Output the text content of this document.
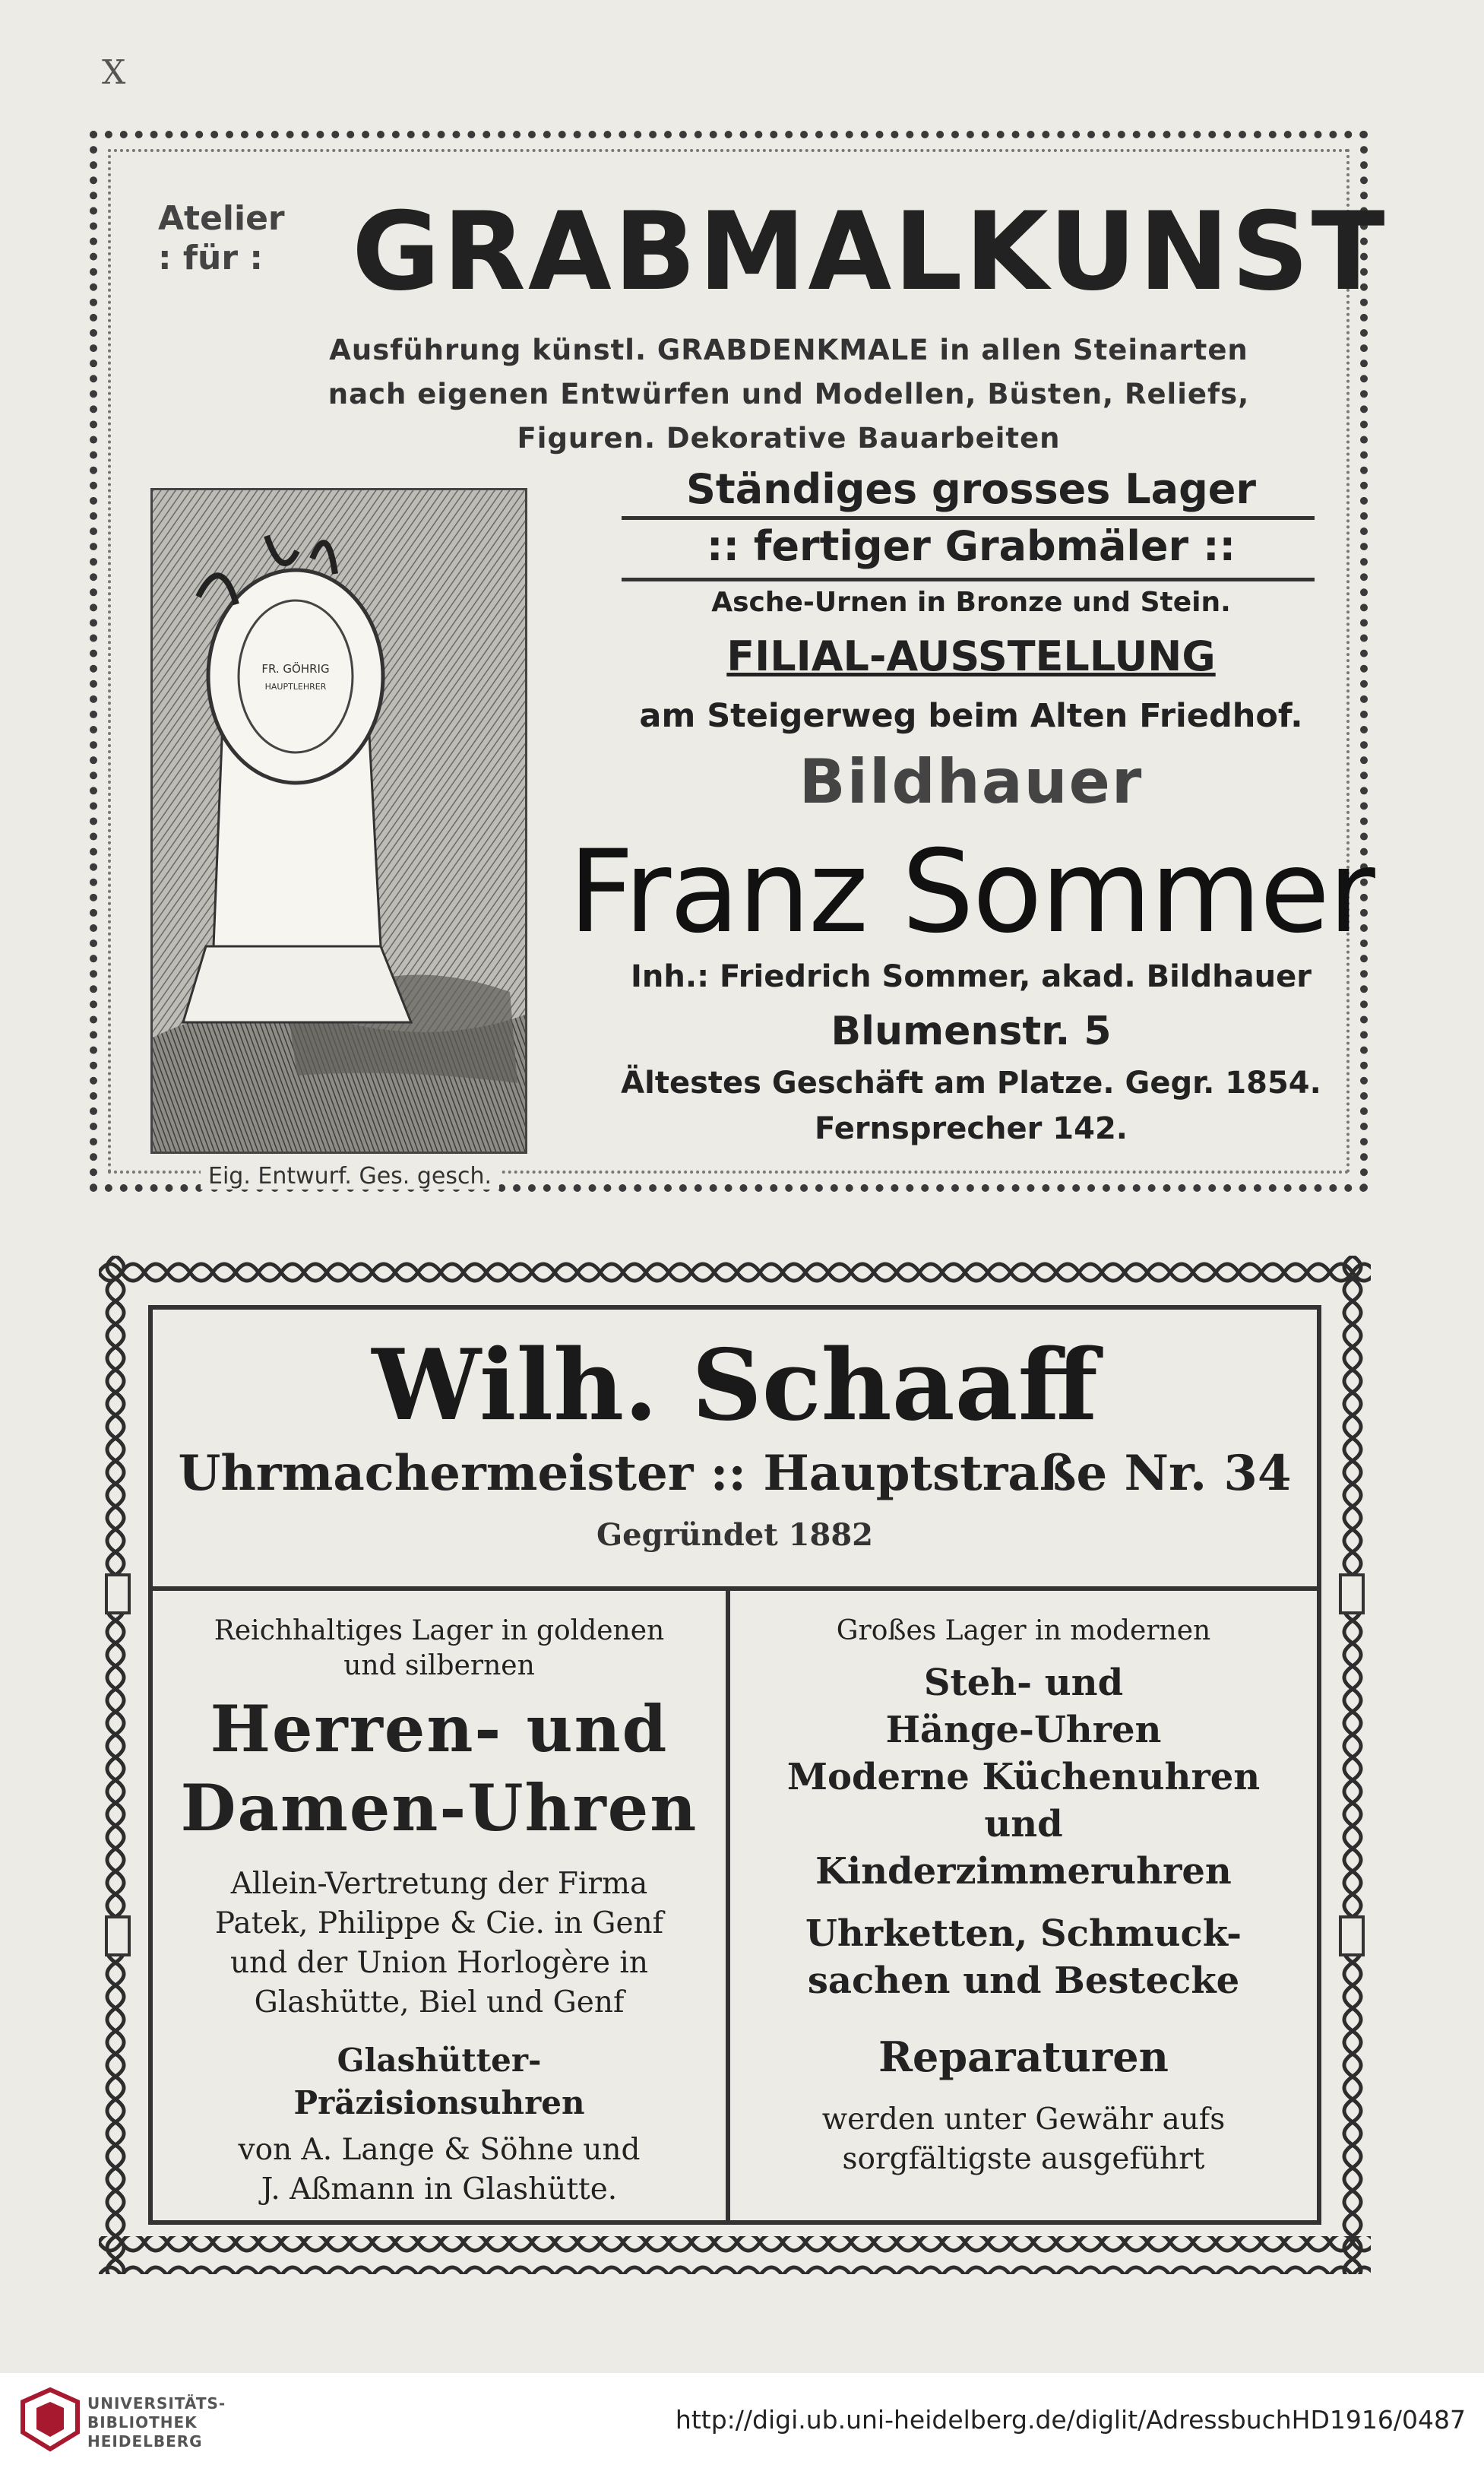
X
Atelier
: für : GRABMALKUNST
Ausführung künstl. GRABDENKMALE in allen Steinarten
nach eigenen Entwürfen und Modellen, Büsten, Reliefs,
Figuren. Dekorative Bauarbeiten
FR. GÖHRIG
HAUPTLEHRER
Ständiges grosses Lager
:: fertiger Grabmäler ::
Asche-Urnen in Bronze und Stein.
FILIAL-AUSSTELLUNG
am Steigerweg beim Alten Friedhof.
Bildhauer
Franz Sommer
Inh.: Friedrich Sommer, akad. Bildhauer
Blumenstr. 5
Ältestes Geschäft am Platze. Gegr. 1854.
Fernsprecher 142.
Eig. Entwurf. Ges. gesch.
Wilh. Schaaff
Uhrmachermeister :: Hauptstraße Nr. 34
Gegründet 1882
Reichhaltiges Lager in goldenen
und silbernen
Herren- und
Damen-Uhren
Allein-Vertretung der Firma
Patek, Philippe & Cie. in Genf
und der Union Horlogère in
Glashütte, Biel und Genf
Glashütter-
Präzisionsuhren
von A. Lange & Söhne und
J. Aßmann in Glashütte.
Großes Lager in modernen
Steh- und
Hänge-Uhren
Moderne Küchenuhren
und
Kinderzimmeruhren
Uhrketten, Schmuck-
sachen und Bestecke
Reparaturen
werden unter Gewähr aufs
sorgfältigste ausgeführt
UNIVERSITÄTS-
BIBLIOTHEK
HEIDELBERG
http://digi.ub.uni-heidelberg.de/diglit/AdressbuchHD1916/0487
